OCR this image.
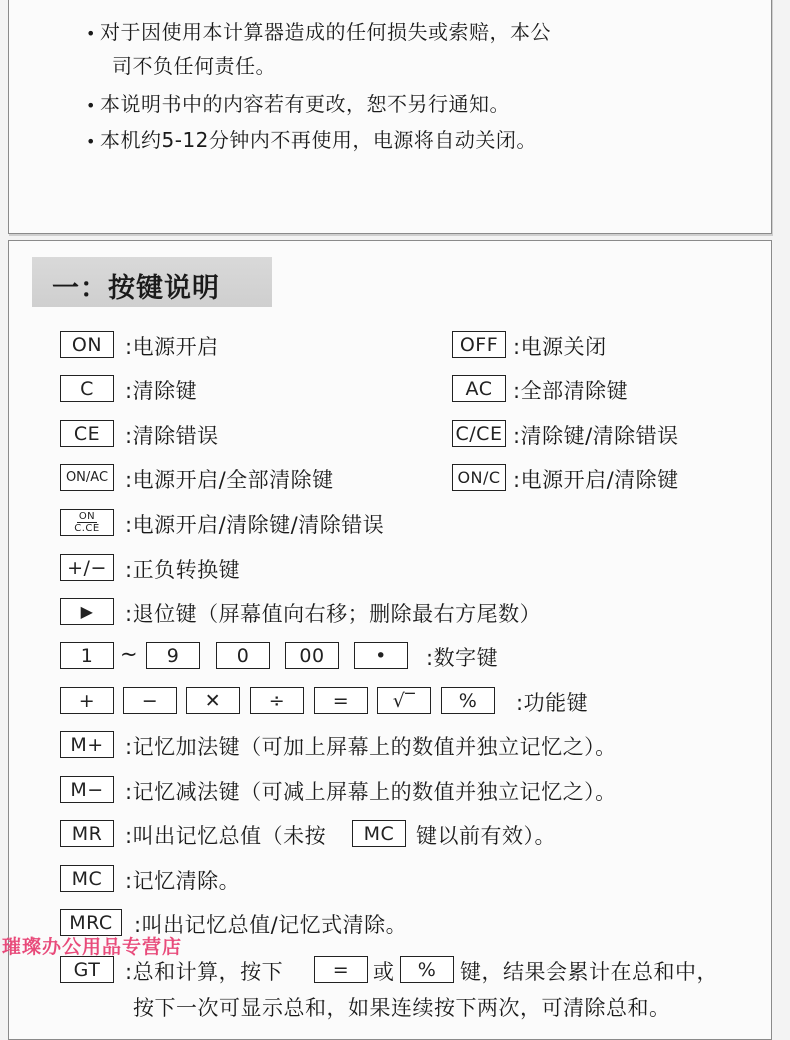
• 对于因使用本计算器造成的任何损失或索赔，本公
司不负任何责任。
• 本说明书中的内容若有更改，恕不另行通知。
• 本机约5-12分钟内不再使用，电源将自动关闭。
一：按键说明
ON	:电源开启	OFF :电源关闭
C	:清除键	AC :全部清除键
CE	:清除错误	C/CE :清除键/清除错误
ON/AC :电源开启/全部清除键	ON/C :电源开启/清除键
ON
C.CE :电源开启/清除键/清除错误
+/− :正负转换键
▶	:退位键（屏幕值向右移；删除最右方尾数）
1	~	9	0	00	•	:数字键
+	−	✕	÷	=	√‾	%	:功能键
M+	:记忆加法键（可加上屏幕上的数值并独立记忆之）。
M−	:记忆减法键（可减上屏幕上的数值并独立记忆之）。
MR	:叫出记忆总值（未按	MC	键以前有效）。
MC	:记忆清除。
MRC	:叫出记忆总值/记忆式清除。
GT	:总和计算，按下	=	或	%	键，结果会累计在总和中，
按下一次可显示总和，如果连续按下两次，可清除总和。
璀璨办公用品专营店
